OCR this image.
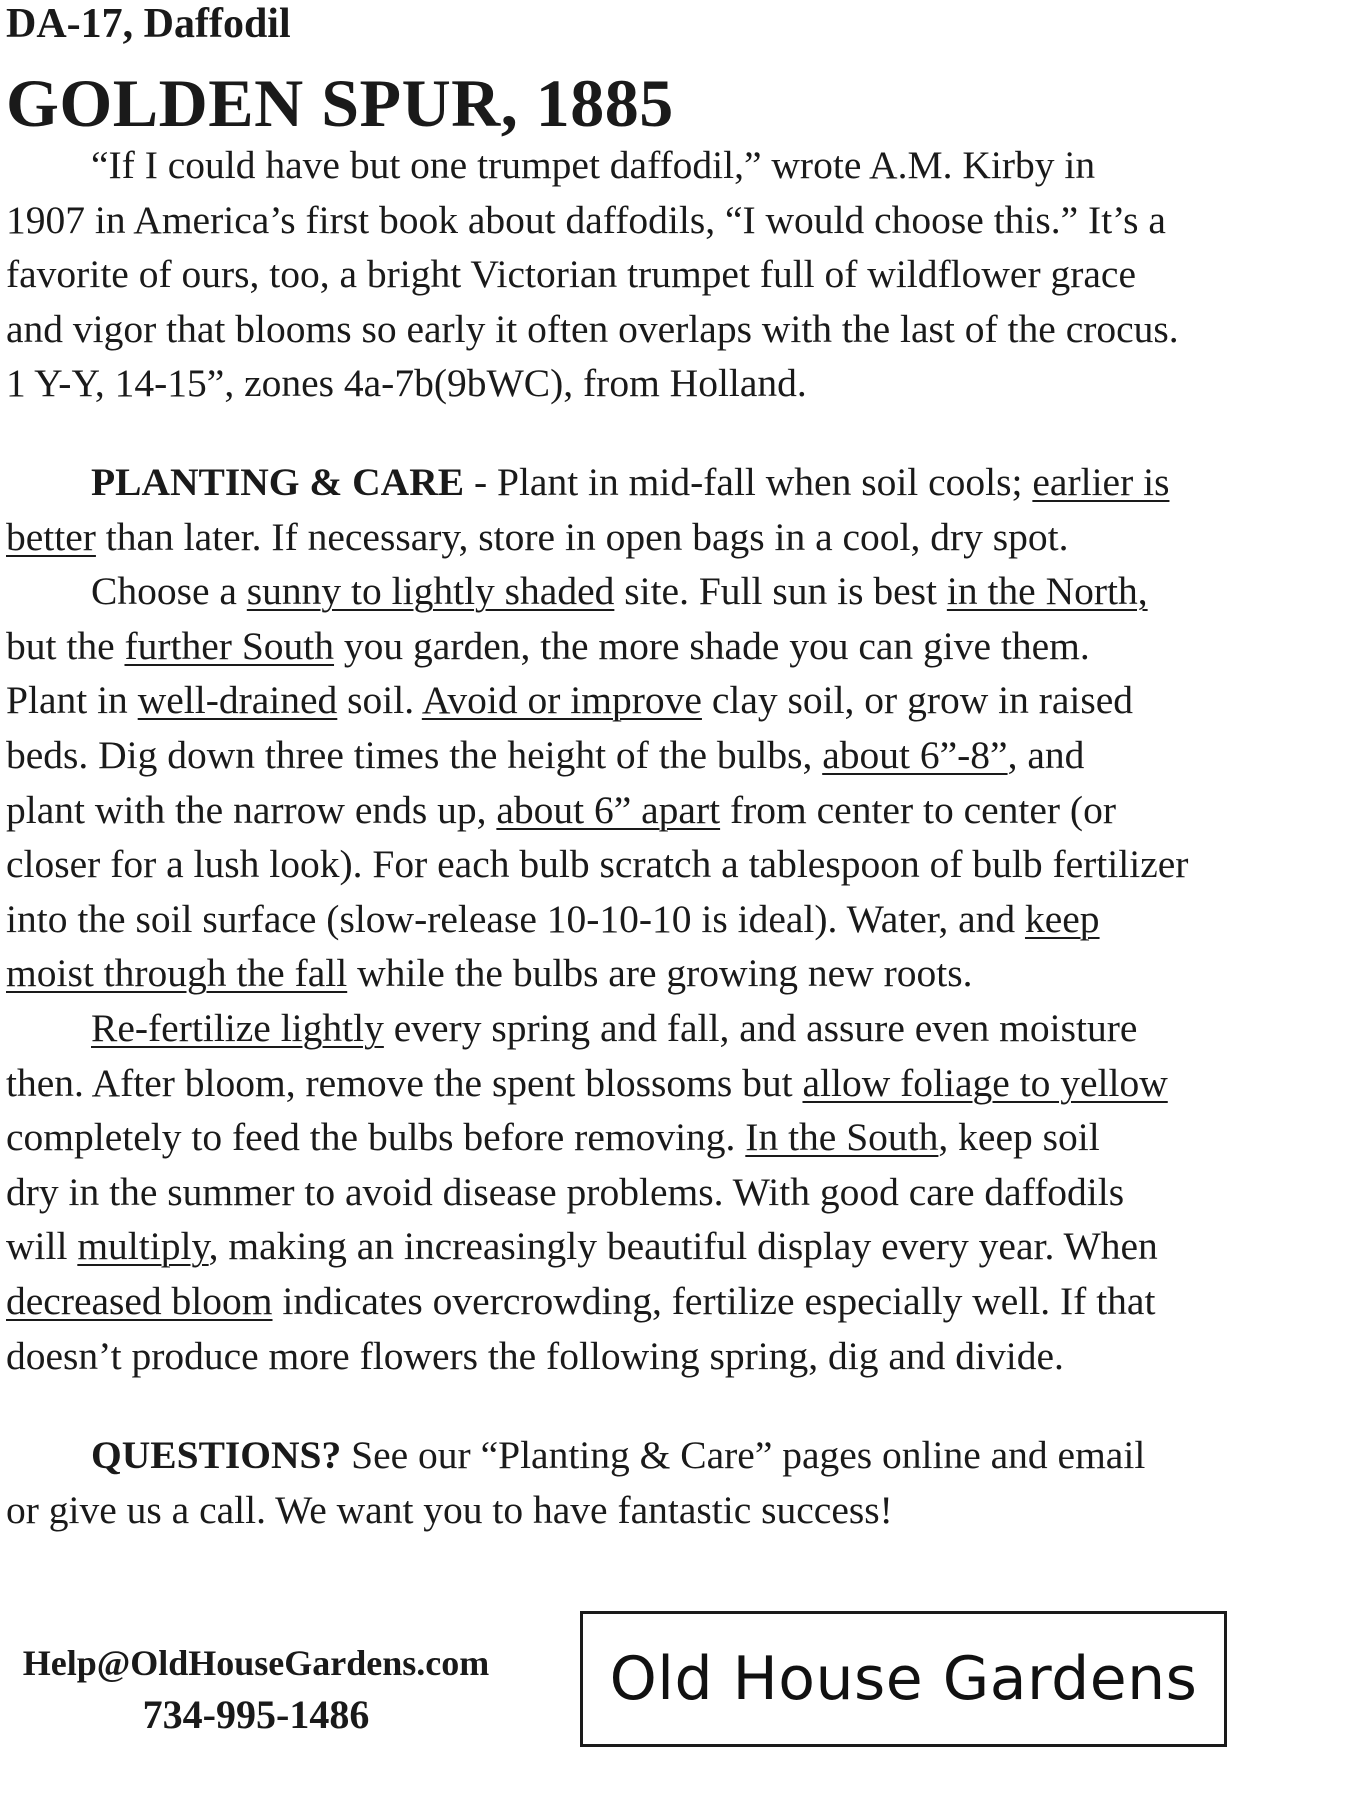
DA-17, Daffodil
GOLDEN SPUR, 1885
“If I could have but one trumpet daffodil,” wrote A.M. Kirby in
1907 in America’s first book about daffodils, “I would choose this.” It’s a
favorite of ours, too, a bright Victorian trumpet full of wildflower grace
and vigor that blooms so early it often overlaps with the last of the crocus.
1 Y-Y, 14-15”, zones 4a-7b(9bWC), from Holland.
PLANTING & CARE - Plant in mid-fall when soil cools; earlier is
better than later. If necessary, store in open bags in a cool, dry spot.
Choose a sunny to lightly shaded site. Full sun is best in the North,
but the further South you garden, the more shade you can give them.
Plant in well-drained soil. Avoid or improve clay soil, or grow in raised
beds. Dig down three times the height of the bulbs, about 6”-8”, and
plant with the narrow ends up, about 6” apart from center to center (or
closer for a lush look). For each bulb scratch a tablespoon of bulb fertilizer
into the soil surface (slow-release 10-10-10 is ideal). Water, and keep
moist through the fall while the bulbs are growing new roots.
Re-fertilize lightly every spring and fall, and assure even moisture
then. After bloom, remove the spent blossoms but allow foliage to yellow
completely to feed the bulbs before removing. In the South, keep soil
dry in the summer to avoid disease problems. With good care daffodils
will multiply, making an increasingly beautiful display every year. When
decreased bloom indicates overcrowding, fertilize especially well. If that
doesn’t produce more flowers the following spring, dig and divide.
QUESTIONS? See our “Planting & Care” pages online and email
or give us a call. We want you to have fantastic success!
Help@OldHouseGardens.com
734-995-1486
Old House Gardens
